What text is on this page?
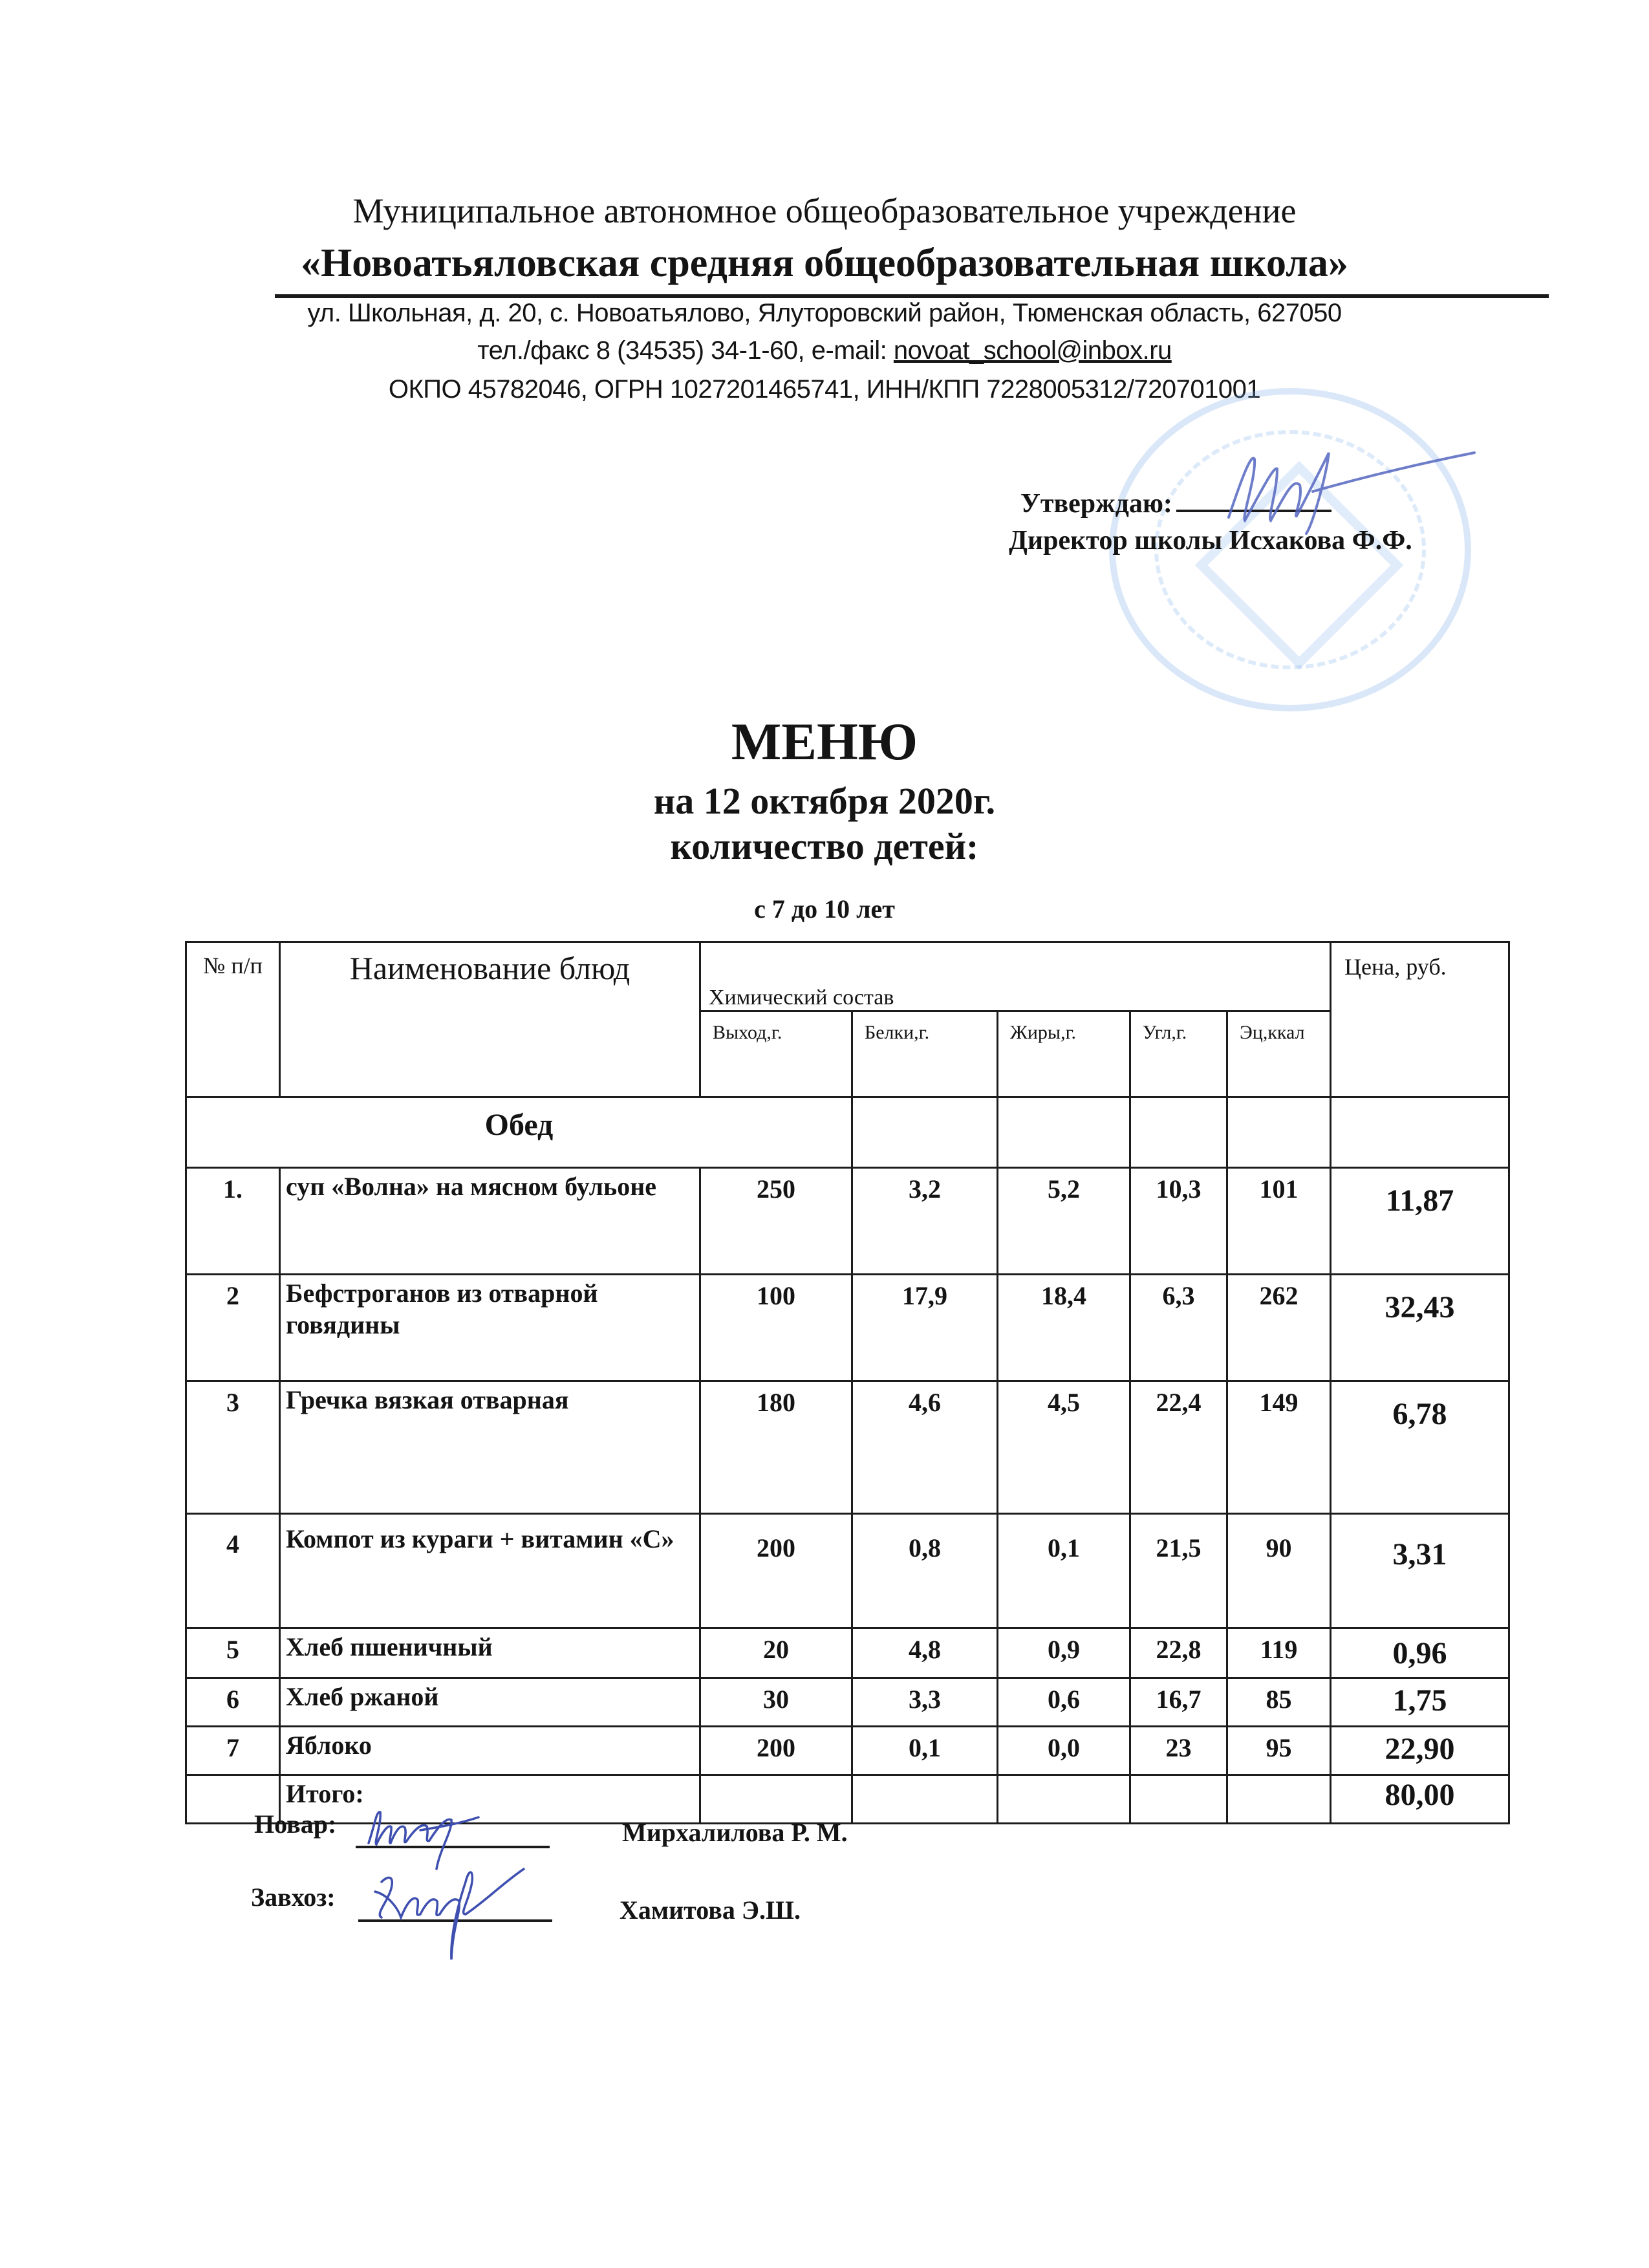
Муниципальное автономное общеобразовательное учреждение
«Новоатьяловская средняя общеобразовательная школа»
ул. Школьная, д. 20, с. Новоатьялово, Ялуторовский район, Тюменская область, 627050
тел./факс 8 (34535) 34-1-60, e-mail: novoat_school@inbox.ru
ОКПО 45782046, ОГРН 1027201465741, ИНН/КПП 7228005312/720701001
Утверждаю:
Директор школы Исхакова Ф.Ф.
МЕНЮ
на 12 октября 2020г.
количество детей:
с 7 до 10 лет
№ п/п	Наименование блюд	Химический состав					Цена, руб.
		Выход,г.	Белки,г.	Жиры,г.	Угл,г.	Эц,ккал	
Обед							
1.	суп «Волна» на мясном бульоне	250	3,2	5,2	10,3	101	11,87
2	Бефстроганов из отварной говядины	100	17,9	18,4	6,3	262	32,43
3	Гречка вязкая отварная	180	4,6	4,5	22,4	149	6,78
4	Компот из кураги + витамин «С»	200	0,8	0,1	21,5	90	3,31
5	Хлеб пшеничный	20	4,8	0,9	22,8	119	0,96
6	Хлеб ржаной	30	3,3	0,6	16,7	85	1,75
7	Яблоко	200	0,1	0,0	23	95	22,90
	Итого:						80,00
Повар:	Мирхалилова Р. М.
Завхоз:	Хамитова Э.Ш.
